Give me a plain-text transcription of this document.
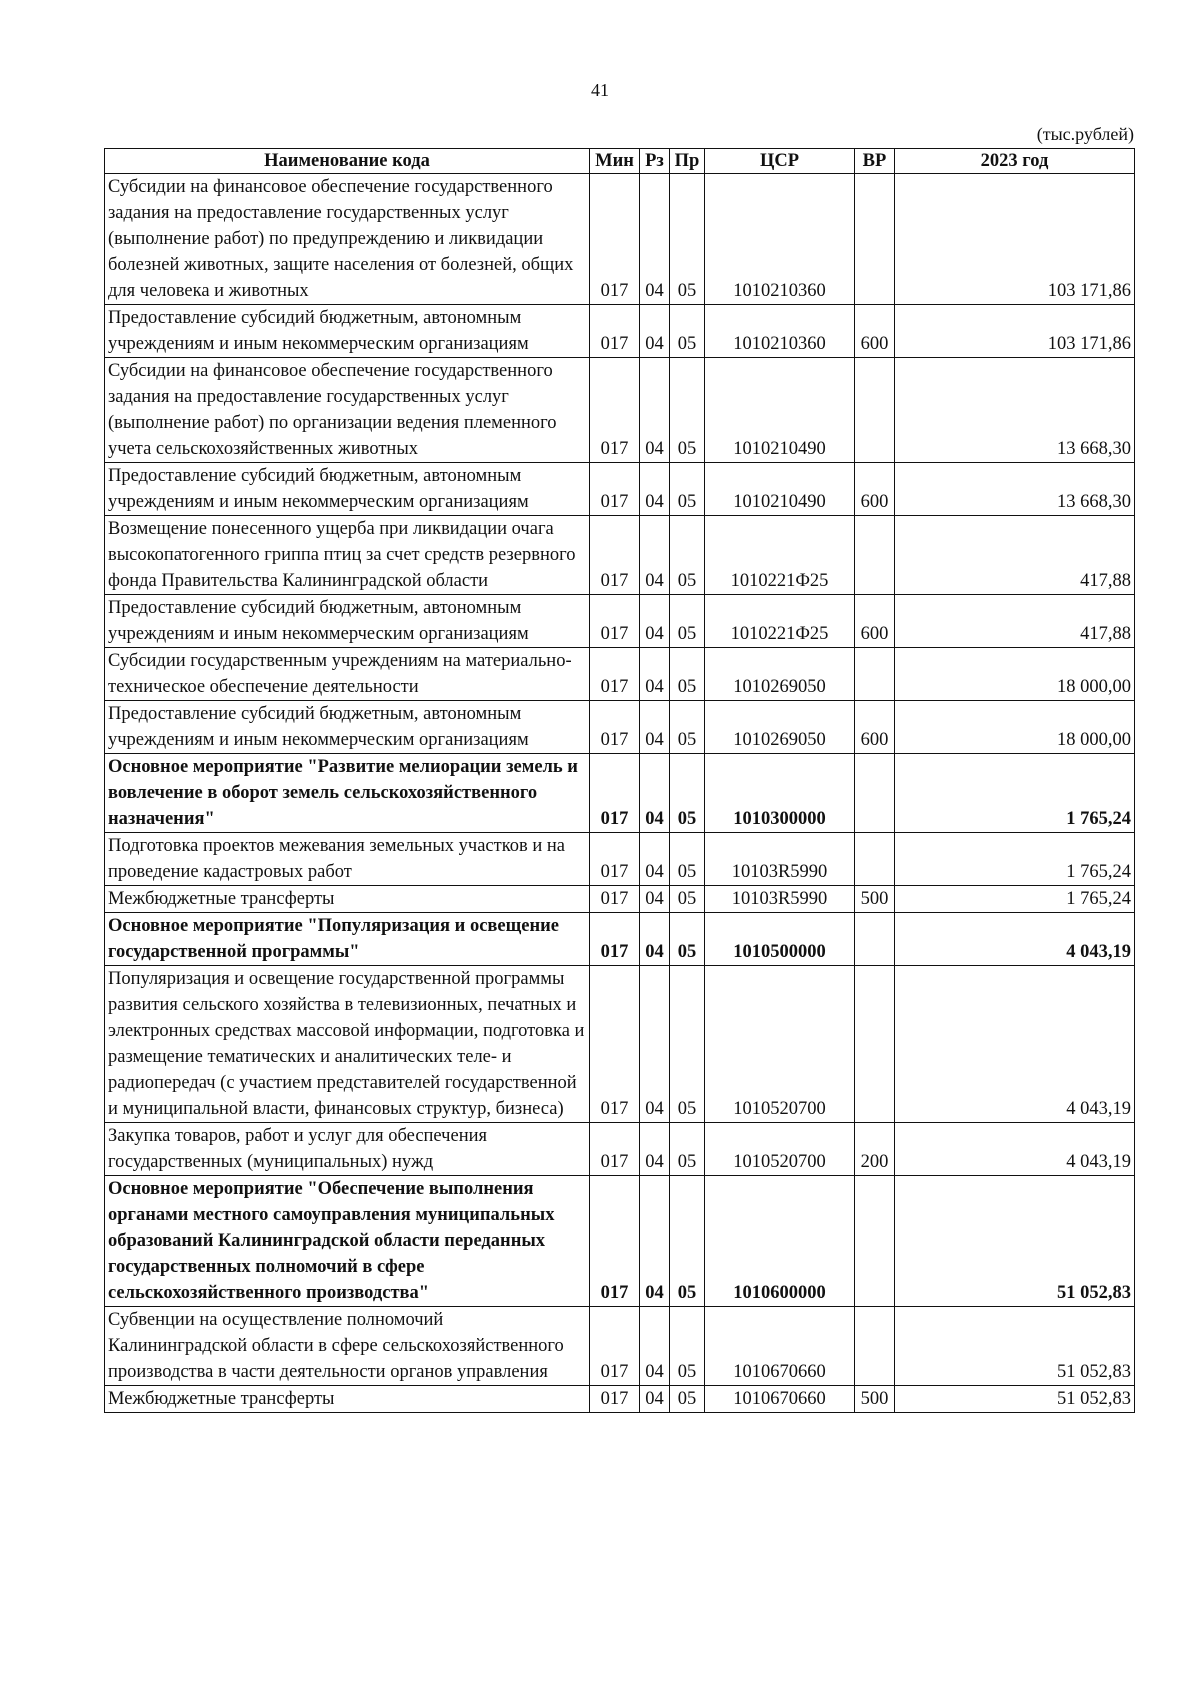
41
(тыс.рублей)
Наименование кода	Мин	Рз	Пр	ЦСР	ВР	2023 год
Субсидии на финансовое обеспечение государственного задания на предоставление государственных услуг (выполнение работ) по предупреждению и ликвидации болезней животных, защите населения от болезней, общих для человека и животных	017	04	05	1010210360		103 171,86
Предоставление субсидий бюджетным, автономным учреждениям и иным некоммерческим организациям	017	04	05	1010210360	600	103 171,86
Субсидии на финансовое обеспечение государственного задания на предоставление государственных услуг (выполнение работ) по организации ведения племенного учета сельскохозяйственных животных	017	04	05	1010210490		13 668,30
Предоставление субсидий бюджетным, автономным учреждениям и иным некоммерческим организациям	017	04	05	1010210490	600	13 668,30
Возмещение понесенного ущерба при ликвидации очага высокопатогенного гриппа птиц за счет средств резервного фонда Правительства Калининградской области	017	04	05	1010221Ф25		417,88
Предоставление субсидий бюджетным, автономным учреждениям и иным некоммерческим организациям	017	04	05	1010221Ф25	600	417,88
Субсидии государственным учреждениям на материально-техническое обеспечение деятельности	017	04	05	1010269050		18 000,00
Предоставление субсидий бюджетным, автономным учреждениям и иным некоммерческим организациям	017	04	05	1010269050	600	18 000,00
Основное мероприятие "Развитие мелиорации земель и вовлечение в оборот земель сельскохозяйственного назначения"	017	04	05	1010300000		1 765,24
Подготовка проектов межевания земельных участков и на проведение кадастровых работ	017	04	05	10103R5990		1 765,24
Межбюджетные трансферты	017	04	05	10103R5990	500	1 765,24
Основное мероприятие "Популяризация и освещение государственной программы"	017	04	05	1010500000		4 043,19
Популяризация и освещение государственной программы развития сельского хозяйства в телевизионных, печатных и электронных средствах массовой информации, подготовка и размещение тематических и аналитических теле- и радиопередач (с участием представителей государственной и муниципальной власти, финансовых структур, бизнеса)	017	04	05	1010520700		4 043,19
Закупка товаров, работ и услуг для обеспечения государственных (муниципальных) нужд	017	04	05	1010520700	200	4 043,19
Основное мероприятие "Обеспечение выполнения органами местного самоуправления муниципальных образований Калининградской области переданных государственных полномочий в сфере сельскохозяйственного производства"	017	04	05	1010600000		51 052,83
Субвенции на осуществление полномочий Калининградской области в сфере сельскохозяйственного производства в части деятельности органов управления	017	04	05	1010670660		51 052,83
Межбюджетные трансферты	017	04	05	1010670660	500	51 052,83
